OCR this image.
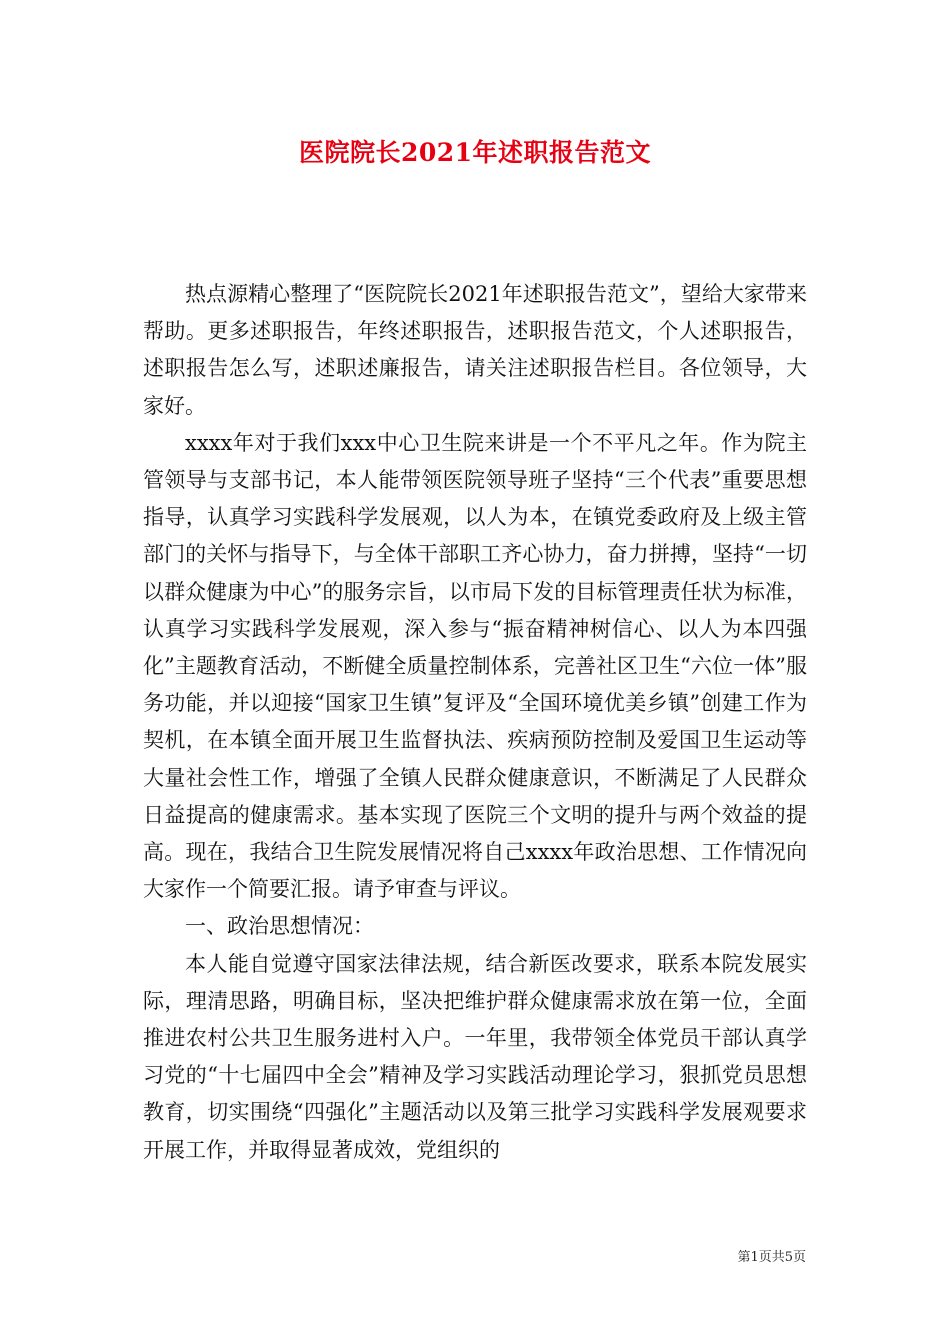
医院院长2021年述职报告范文

热点源精心整理了“医院院长2021年述职报告范文”，望给大家带来帮助。更多述职报告，年终述职报告，述职报告范文，个人述职报告，述职报告怎么写，述职述廉报告，请关注述职报告栏目。各位领导，大家好。

xxxx年对于我们xxx中心卫生院来讲是一个不平凡之年。作为院主管领导与支部书记，本人能带领医院领导班子坚持“三个代表”重要思想指导，认真学习实践科学发展观，以人为本，在镇党委政府及上级主管部门的关怀与指导下，与全体干部职工齐心协力，奋力拼搏，坚持“一切以群众健康为中心”的服务宗旨，以市局下发的目标管理责任状为标准，认真学习实践科学发展观，深入参与“振奋精神树信心、以人为本四强化”主题教育活动，不断健全质量控制体系，完善社区卫生“六位一体”服务功能，并以迎接“国家卫生镇”复评及“全国环境优美乡镇”创建工作为契机，在本镇全面开展卫生监督执法、疾病预防控制及爱国卫生运动等大量社会性工作，增强了全镇人民群众健康意识，不断满足了人民群众日益提高的健康需求。基本实现了医院三个文明的提升与两个效益的提高。现在，我结合卫生院发展情况将自己xxxx年政治思想、工作情况向大家作一个简要汇报。请予审查与评议。

一、政治思想情况：

本人能自觉遵守国家法律法规，结合新医改要求，联系本院发展实际，理清思路，明确目标，坚决把维护群众健康需求放在第一位，全面推进农村公共卫生服务进村入户。一年里，我带领全体党员干部认真学习党的“十七届四中全会”精神及学习实践活动理论学习，狠抓党员思想教育，切实围绕“四强化”主题活动以及第三批学习实践科学发展观要求开展工作，并取得显著成效，党组织的

第1页共5页
